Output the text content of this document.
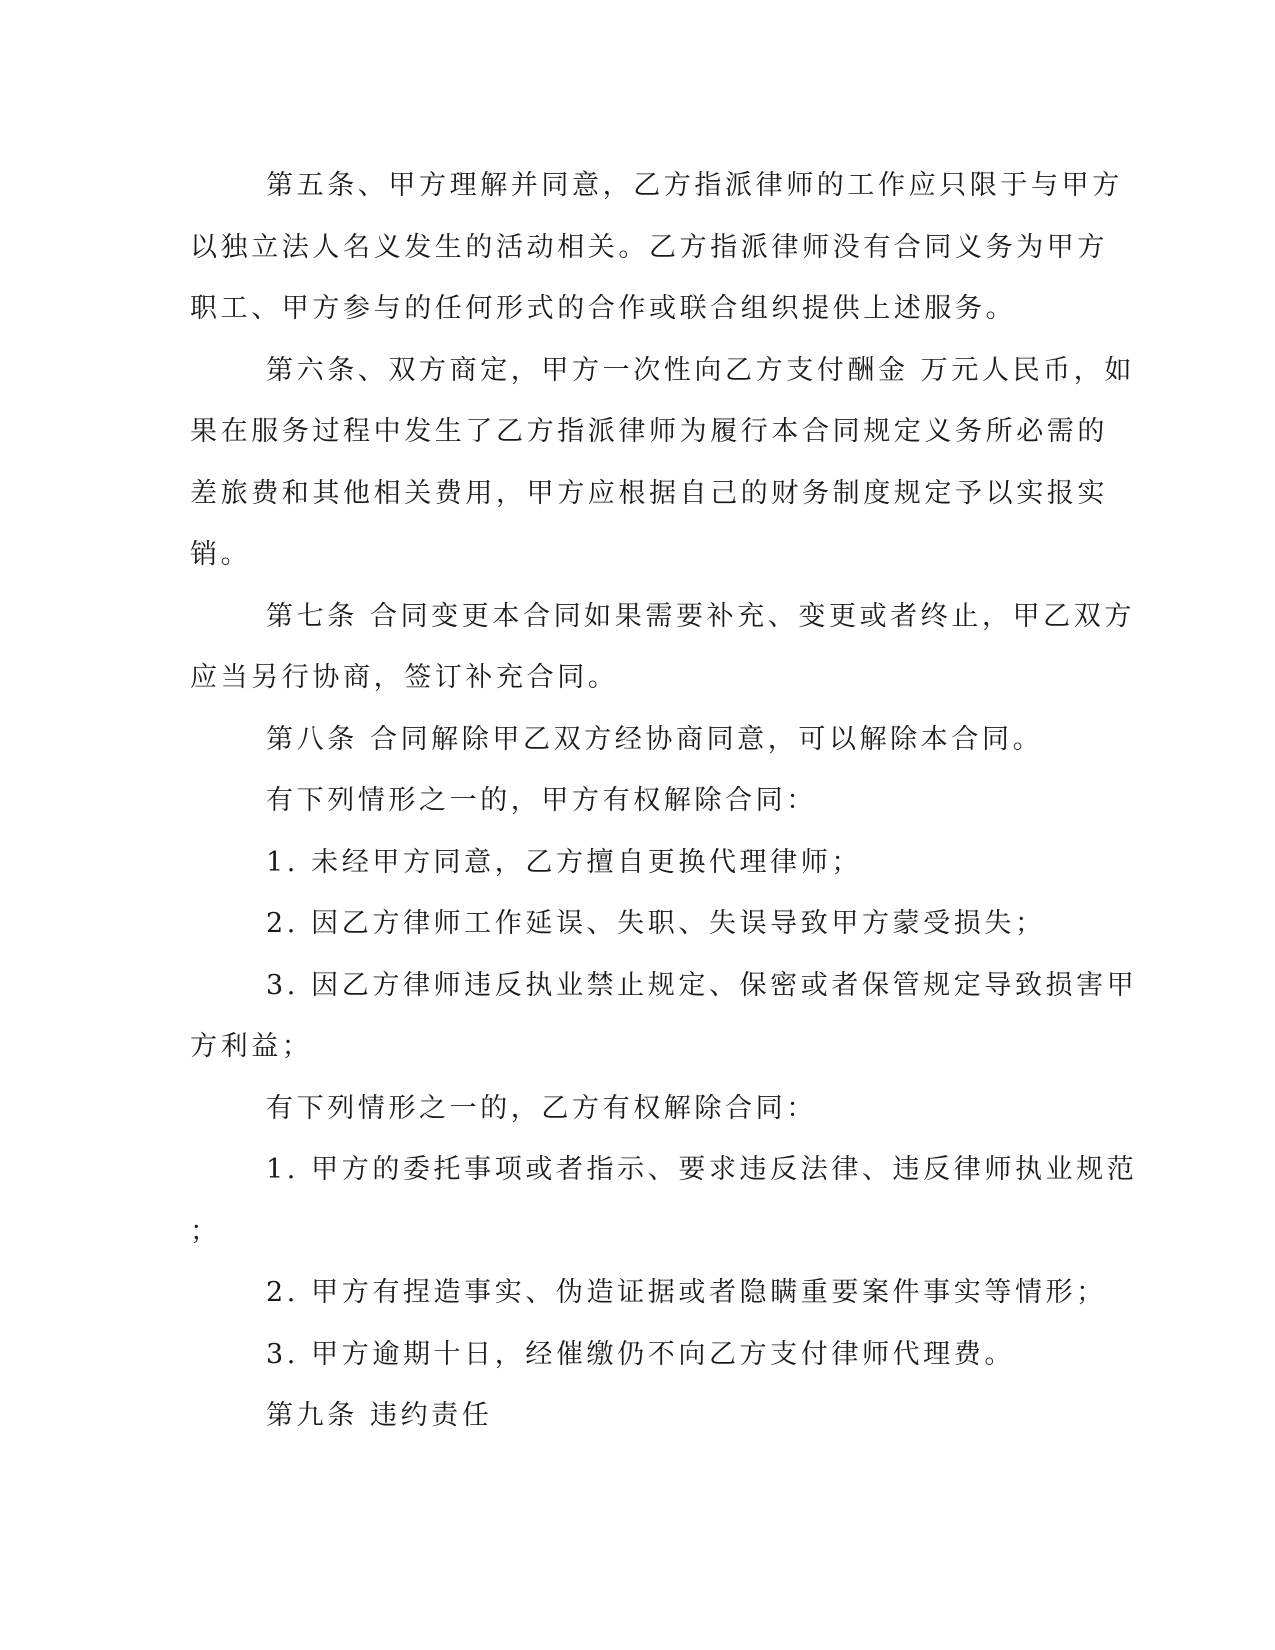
第五条、甲方理解并同意，乙方指派律师的工作应只限于与甲方
以独立法人名义发生的活动相关。乙方指派律师没有合同义务为甲方
职工、甲方参与的任何形式的合作或联合组织提供上述服务。

第六条、双方商定，甲方一次性向乙方支付酬金 万元人民币，如
果在服务过程中发生了乙方指派律师为履行本合同规定义务所必需的
差旅费和其他相关费用，甲方应根据自己的财务制度规定予以实报实
销。

第七条 合同变更本合同如果需要补充、变更或者终止，甲乙双方
应当另行协商，签订补充合同。

第八条 合同解除甲乙双方经协商同意，可以解除本合同。

有下列情形之一的，甲方有权解除合同：

1. 未经甲方同意，乙方擅自更换代理律师；

2. 因乙方律师工作延误、失职、失误导致甲方蒙受损失；

3. 因乙方律师违反执业禁止规定、保密或者保管规定导致损害甲
方利益；

有下列情形之一的，乙方有权解除合同：

1. 甲方的委托事项或者指示、要求违反法律、违反律师执业规范
；

2. 甲方有捏造事实、伪造证据或者隐瞒重要案件事实等情形；

3. 甲方逾期十日，经催缴仍不向乙方支付律师代理费。

第九条 违约责任
